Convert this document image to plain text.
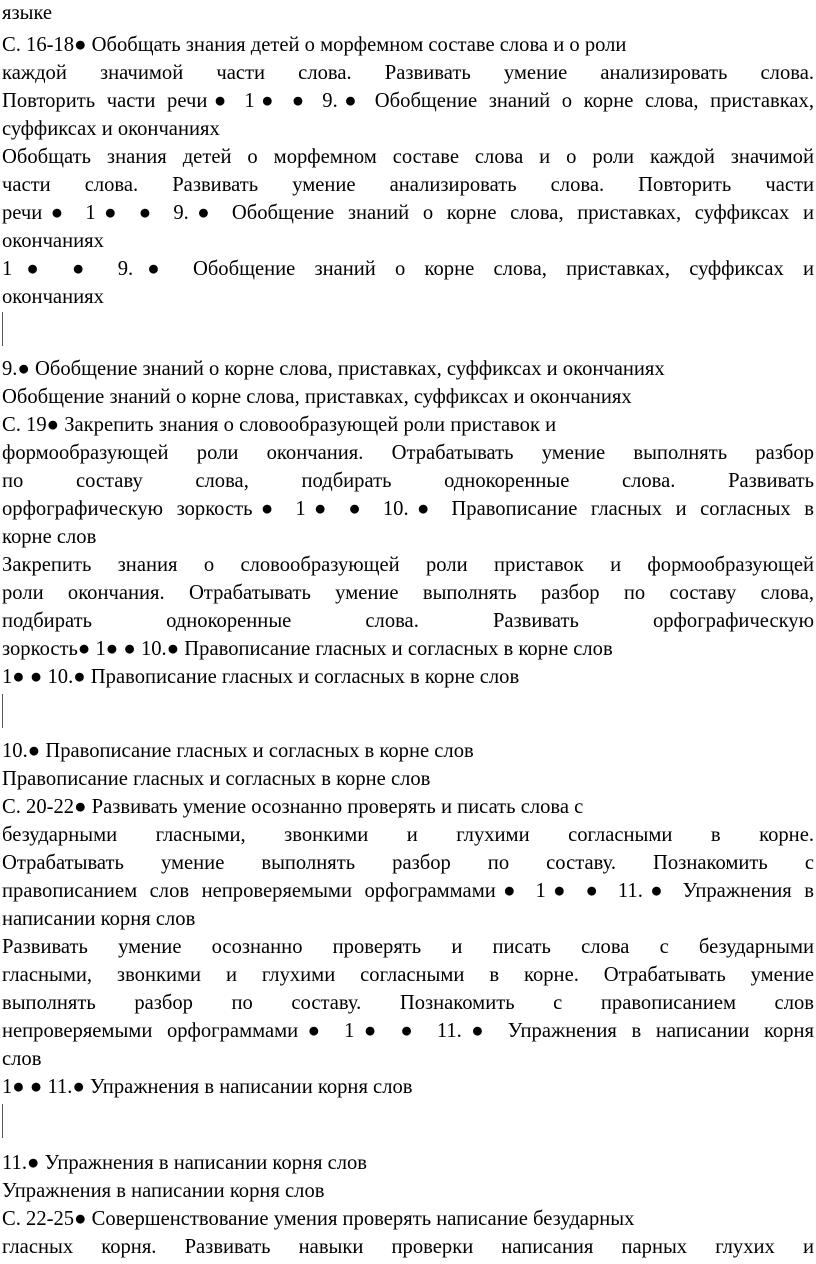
языке
С. 16-18● Обобщать знания детей о морфемном составе слова и о роли
каждой значимой части слова. Развивать умение анализировать слова.
Повторить части речи● 1● ● 9.● Обобщение знаний о корне слова, приставках,
суффиксах и окончаниях
Обобщать знания детей о морфемном составе слова и о роли каждой значимой
части слова. Развивать умение анализировать слова. Повторить части
речи● 1● ● 9.● Обобщение знаний о корне слова, приставках, суффиксах и
окончаниях
1● ● 9.● Обобщение знаний о корне слова, приставках, суффиксах и
окончаниях
9.● Обобщение знаний о корне слова, приставках, суффиксах и окончаниях
Обобщение знаний о корне слова, приставках, суффиксах и окончаниях
С. 19● Закрепить знания о словообразующей роли приставок и
формообразующей роли окончания. Отрабатывать умение выполнять разбор
по составу слова, подбирать однокоренные слова. Развивать
орфографическую зоркость● 1● ● 10.● Правописание гласных и согласных в
корне слов
Закрепить знания о словообразующей роли приставок и формообразующей
роли окончания. Отрабатывать умение выполнять разбор по составу слова,
подбирать однокоренные слова. Развивать орфографическую
зоркость● 1● ● 10.● Правописание гласных и согласных в корне слов
1● ● 10.● Правописание гласных и согласных в корне слов
10.● Правописание гласных и согласных в корне слов
Правописание гласных и согласных в корне слов
С. 20-22● Развивать умение осознанно проверять и писать слова с
безударными гласными, звонкими и глухими согласными в корне.
Отрабатывать умение выполнять разбор по составу. Познакомить с
правописанием слов непроверяемыми орфограммами● 1● ● 11.● Упражнения в
написании корня слов
Развивать умение осознанно проверять и писать слова с безударными
гласными, звонкими и глухими согласными в корне. Отрабатывать умение
выполнять разбор по составу. Познакомить с правописанием слов
непроверяемыми орфограммами● 1● ● 11.● Упражнения в написании корня
слов
1● ● 11.● Упражнения в написании корня слов
11.● Упражнения в написании корня слов
Упражнения в написании корня слов
С. 22-25● Совершенствование умения проверять написание безударных
гласных корня. Развивать навыки проверки написания парных глухих и
